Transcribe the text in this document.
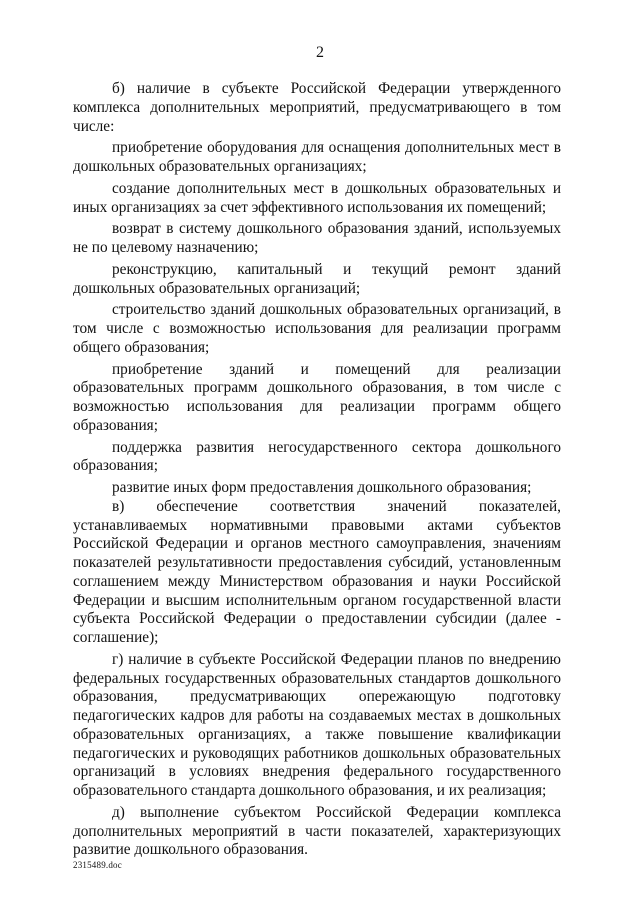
2

б) наличие в субъекте Российской Федерации утвержденного комплекса дополнительных мероприятий, предусматривающего в том числе:

приобретение оборудования для оснащения дополнительных мест в дошкольных образовательных организациях;

создание дополнительных мест в дошкольных образовательных и иных организациях за счет эффективного использования их помещений;

возврат в систему дошкольного образования зданий, используемых не по целевому назначению;

реконструкцию, капитальный и текущий ремонт зданий дошкольных образовательных организаций;

строительство зданий дошкольных образовательных организаций, в том числе с возможностью использования для реализации программ общего образования;

приобретение зданий и помещений для реализации образовательных программ дошкольного образования, в том числе с возможностью использования для реализации программ общего образования;

поддержка развития негосударственного сектора дошкольного образования;

развитие иных форм предоставления дошкольного образования;

в) обеспечение соответствия значений показателей, устанавливаемых нормативными правовыми актами субъектов Российской Федерации и органов местного самоуправления, значениям показателей результативности предоставления субсидий, установленным соглашением между Министерством образования и науки Российской Федерации и высшим исполнительным органом государственной власти субъекта Российской Федерации о предоставлении субсидии (далее - соглашение);

г) наличие в субъекте Российской Федерации планов по внедрению федеральных государственных образовательных стандартов дошкольного образования, предусматривающих опережающую подготовку педагогических кадров для работы на создаваемых местах в дошкольных образовательных организациях, а также повышение квалификации педагогических и руководящих работников дошкольных образовательных организаций в условиях внедрения федерального государственного образовательного стандарта дошкольного образования, и их реализация;

д) выполнение субъектом Российской Федерации комплекса дополнительных мероприятий в части показателей, характеризующих развитие дошкольного образования.

2315489.doc
